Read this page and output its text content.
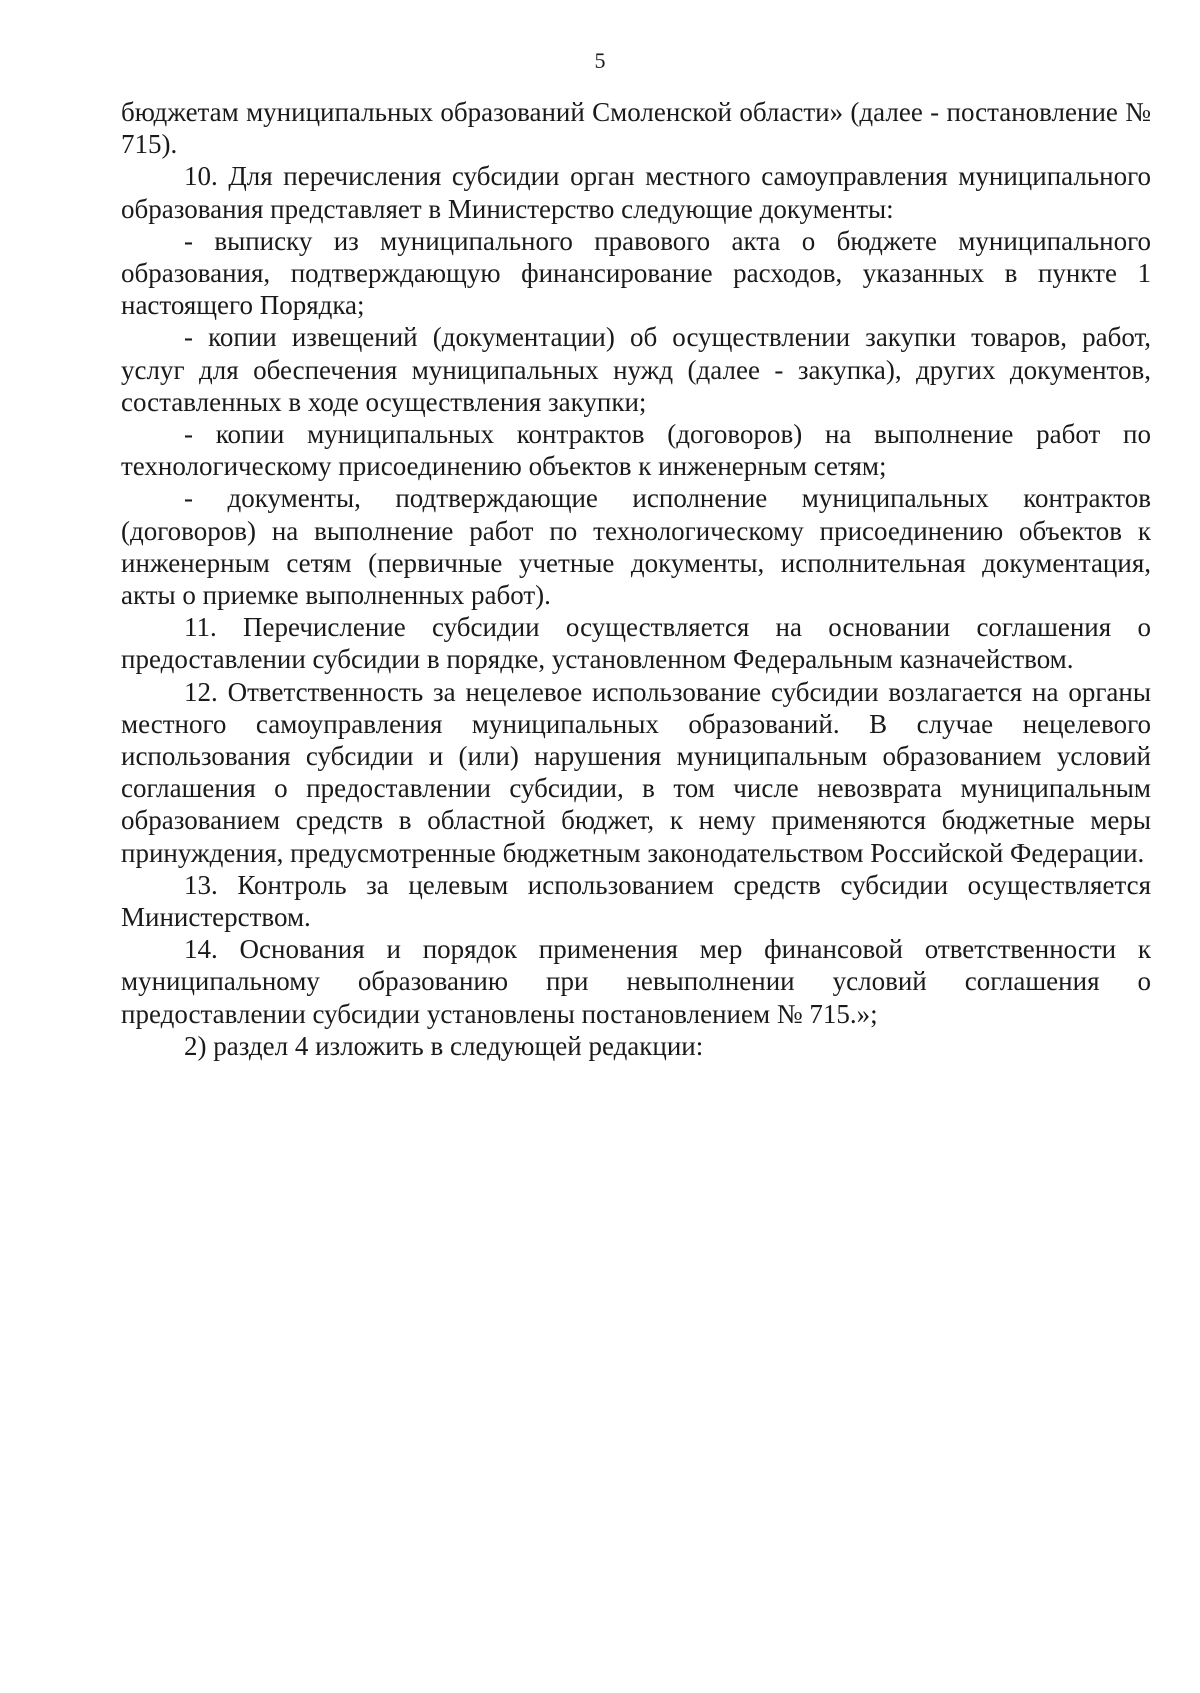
5

бюджетам муниципальных образований Смоленской области» (далее - постановление № 715).

10. Для перечисления субсидии орган местного самоуправления муниципального образования представляет в Министерство следующие документы:

- выписку из муниципального правового акта о бюджете муниципального образования, подтверждающую финансирование расходов, указанных в пункте 1 настоящего Порядка;

- копии извещений (документации) об осуществлении закупки товаров, работ, услуг для обеспечения муниципальных нужд (далее - закупка), других документов, составленных в ходе осуществления закупки;

- копии муниципальных контрактов (договоров) на выполнение работ по технологическому присоединению объектов к инженерным сетям;

- документы, подтверждающие исполнение муниципальных контрактов (договоров) на выполнение работ по технологическому присоединению объектов к инженерным сетям (первичные учетные документы, исполнительная документация, акты о приемке выполненных работ).

11. Перечисление субсидии осуществляется на основании соглашения о предоставлении субсидии в порядке, установленном Федеральным казначейством.

12. Ответственность за нецелевое использование субсидии возлагается на органы местного самоуправления муниципальных образований. В случае нецелевого использования субсидии и (или) нарушения муниципальным образованием условий соглашения о предоставлении субсидии, в том числе невозврата муниципальным образованием средств в областной бюджет, к нему применяются бюджетные меры принуждения, предусмотренные бюджетным законодательством Российской Федерации.

13. Контроль за целевым использованием средств субсидии осуществляется Министерством.

14. Основания и порядок применения мер финансовой ответственности к муниципальному образованию при невыполнении условий соглашения о предоставлении субсидии установлены постановлением № 715.»;

2) раздел 4 изложить в следующей редакции:
